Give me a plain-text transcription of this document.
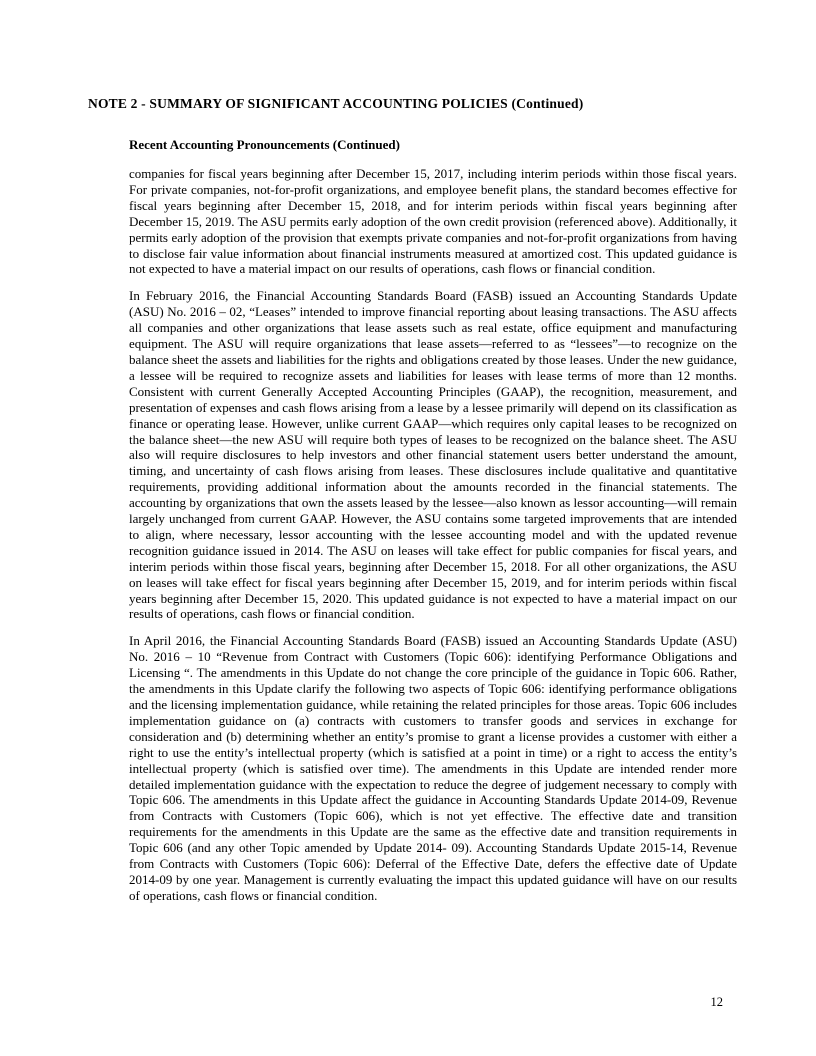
NOTE 2 - SUMMARY OF SIGNIFICANT ACCOUNTING POLICIES (Continued)
Recent Accounting Pronouncements (Continued)

companies for fiscal years beginning after December 15, 2017, including interim periods within those fiscal years. For private companies, not-for-profit organizations, and employee benefit plans, the standard becomes effective for fiscal years beginning after December 15, 2018, and for interim periods within fiscal years beginning after December 15, 2019. The ASU permits early adoption of the own credit provision (referenced above). Additionally, it permits early adoption of the provision that exempts private companies and not-for-profit organizations from having to disclose fair value information about financial instruments measured at amortized cost. This updated guidance is not expected to have a material impact on our results of operations, cash flows or financial condition.

In February 2016, the Financial Accounting Standards Board (FASB) issued an Accounting Standards Update (ASU) No. 2016 – 02, “Leases” intended to improve financial reporting about leasing transactions. The ASU affects all companies and other organizations that lease assets such as real estate, office equipment and manufacturing equipment. The ASU will require organizations that lease assets—referred to as “lessees”—to recognize on the balance sheet the assets and liabilities for the rights and obligations created by those leases. Under the new guidance, a lessee will be required to recognize assets and liabilities for leases with lease terms of more than 12 months. Consistent with current Generally Accepted Accounting Principles (GAAP), the recognition, measurement, and presentation of expenses and cash flows arising from a lease by a lessee primarily will depend on its classification as finance or operating lease. However, unlike current GAAP—which requires only capital leases to be recognized on the balance sheet—the new ASU will require both types of leases to be recognized on the balance sheet. The ASU also will require disclosures to help investors and other financial statement users better understand the amount, timing, and uncertainty of cash flows arising from leases. These disclosures include qualitative and quantitative requirements, providing additional information about the amounts recorded in the financial statements. The accounting by organizations that own the assets leased by the lessee—also known as lessor accounting—will remain largely unchanged from current GAAP. However, the ASU contains some targeted improvements that are intended to align, where necessary, lessor accounting with the lessee accounting model and with the updated revenue recognition guidance issued in 2014. The ASU on leases will take effect for public companies for fiscal years, and interim periods within those fiscal years, beginning after December 15, 2018. For all other organizations, the ASU on leases will take effect for fiscal years beginning after December 15, 2019, and for interim periods within fiscal years beginning after December 15, 2020. This updated guidance is not expected to have a material impact on our results of operations, cash flows or financial condition.

In April 2016, the Financial Accounting Standards Board (FASB) issued an Accounting Standards Update (ASU) No. 2016 – 10 “Revenue from Contract with Customers (Topic 606): identifying Performance Obligations and Licensing “. The amendments in this Update do not change the core principle of the guidance in Topic 606. Rather, the amendments in this Update clarify the following two aspects of Topic 606: identifying performance obligations and the licensing implementation guidance, while retaining the related principles for those areas. Topic 606 includes implementation guidance on (a) contracts with customers to transfer goods and services in exchange for consideration and (b) determining whether an entity’s promise to grant a license provides a customer with either a right to use the entity’s intellectual property (which is satisfied at a point in time) or a right to access the entity’s intellectual property (which is satisfied over time). The amendments in this Update are intended render more detailed implementation guidance with the expectation to reduce the degree of judgement necessary to comply with Topic 606. The amendments in this Update affect the guidance in Accounting Standards Update 2014-09, Revenue from Contracts with Customers (Topic 606), which is not yet effective. The effective date and transition requirements for the amendments in this Update are the same as the effective date and transition requirements in Topic 606 (and any other Topic amended by Update 2014- 09). Accounting Standards Update 2015-14, Revenue from Contracts with Customers (Topic 606): Deferral of the Effective Date, defers the effective date of Update 2014-09 by one year. Management is currently evaluating the impact this updated guidance will have on our results of operations, cash flows or financial condition.

12
